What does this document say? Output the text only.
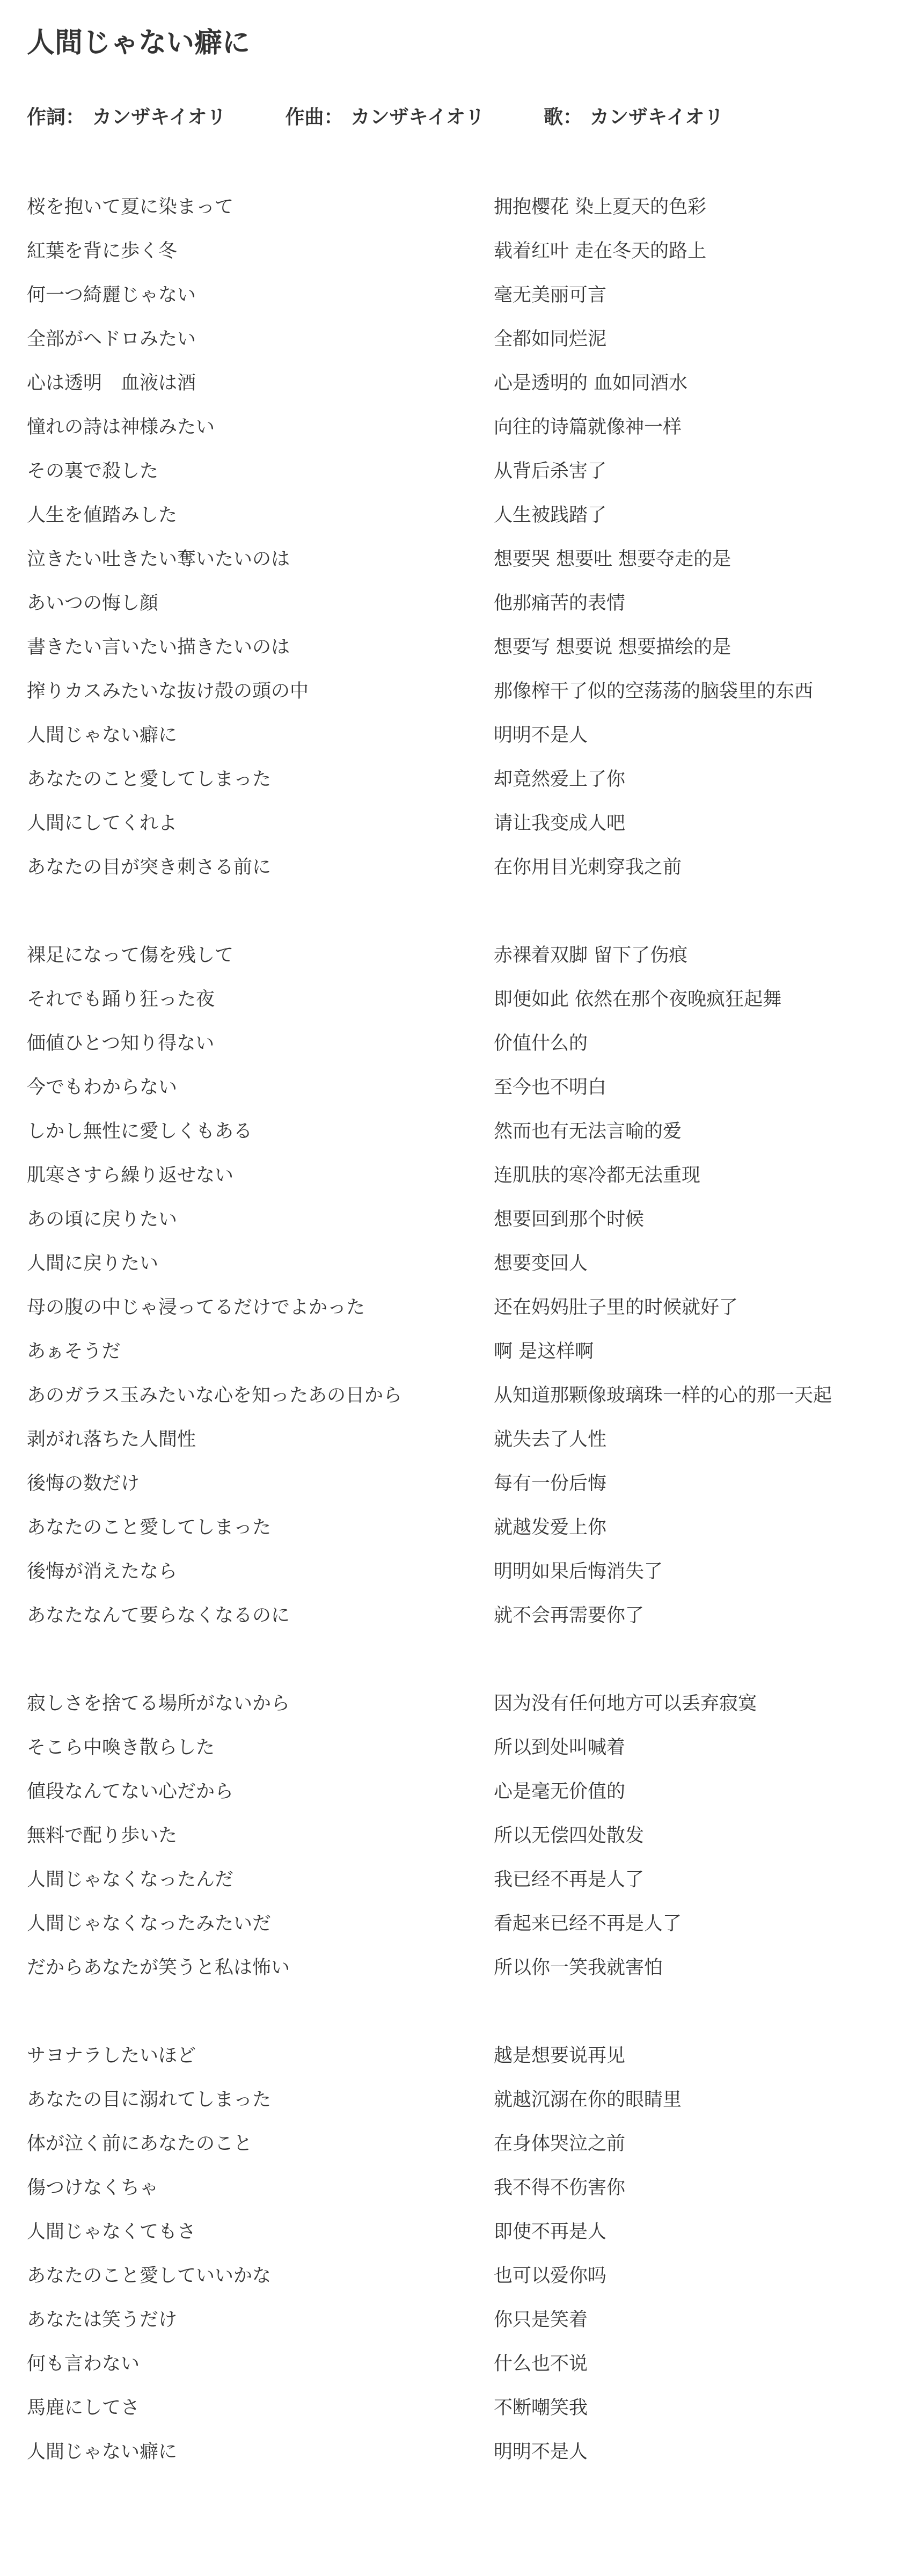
人間じゃない癖に
作詞： カンザキイオリ	作曲： カンザキイオリ	歌： カンザキイオリ
桜を抱いて夏に染まって	拥抱樱花 染上夏天的色彩
紅葉を背に歩く冬	载着红叶 走在冬天的路上
何一つ綺麗じゃない	毫无美丽可言
全部がヘドロみたい	全都如同烂泥
心は透明　血液は酒	心是透明的 血如同酒水
憧れの詩は神様みたい	向往的诗篇就像神一样
その裏で殺した	从背后杀害了
人生を値踏みした	人生被践踏了
泣きたい吐きたい奪いたいのは	想要哭 想要吐 想要夺走的是
あいつの悔し顔	他那痛苦的表情
書きたい言いたい描きたいのは	想要写 想要说 想要描绘的是
搾りカスみたいな抜け殻の頭の中	那像榨干了似的空荡荡的脑袋里的东西
人間じゃない癖に	明明不是人
あなたのこと愛してしまった	却竟然爱上了你
人間にしてくれよ	请让我变成人吧
あなたの目が突き刺さる前に	在你用目光刺穿我之前
裸足になって傷を残して	赤裸着双脚 留下了伤痕
それでも踊り狂った夜	即便如此 依然在那个夜晚疯狂起舞
価値ひとつ知り得ない	价值什么的
今でもわからない	至今也不明白
しかし無性に愛しくもある	然而也有无法言喻的爱
肌寒さすら繰り返せない	连肌肤的寒冷都无法重现
あの頃に戻りたい	想要回到那个时候
人間に戻りたい	想要变回人
母の腹の中じゃ浸ってるだけでよかった	还在妈妈肚子里的时候就好了
あぁそうだ	啊 是这样啊
あのガラス玉みたいな心を知ったあの日から	从知道那颗像玻璃珠一样的心的那一天起
剥がれ落ちた人間性	就失去了人性
後悔の数だけ	每有一份后悔
あなたのこと愛してしまった	就越发爱上你
後悔が消えたなら	明明如果后悔消失了
あなたなんて要らなくなるのに	就不会再需要你了
寂しさを捨てる場所がないから	因为没有任何地方可以丢弃寂寞
そこら中喚き散らした	所以到处叫喊着
値段なんてない心だから	心是毫无价值的
無料で配り歩いた	所以无偿四处散发
人間じゃなくなったんだ	我已经不再是人了
人間じゃなくなったみたいだ	看起来已经不再是人了
だからあなたが笑うと私は怖い	所以你一笑我就害怕
サヨナラしたいほど	越是想要说再见
あなたの目に溺れてしまった	就越沉溺在你的眼睛里
体が泣く前にあなたのこと	在身体哭泣之前
傷つけなくちゃ	我不得不伤害你
人間じゃなくてもさ	即使不再是人
あなたのこと愛していいかな	也可以爱你吗
あなたは笑うだけ	你只是笑着
何も言わない	什么也不说
馬鹿にしてさ	不断嘲笑我
人間じゃない癖に	明明不是人
